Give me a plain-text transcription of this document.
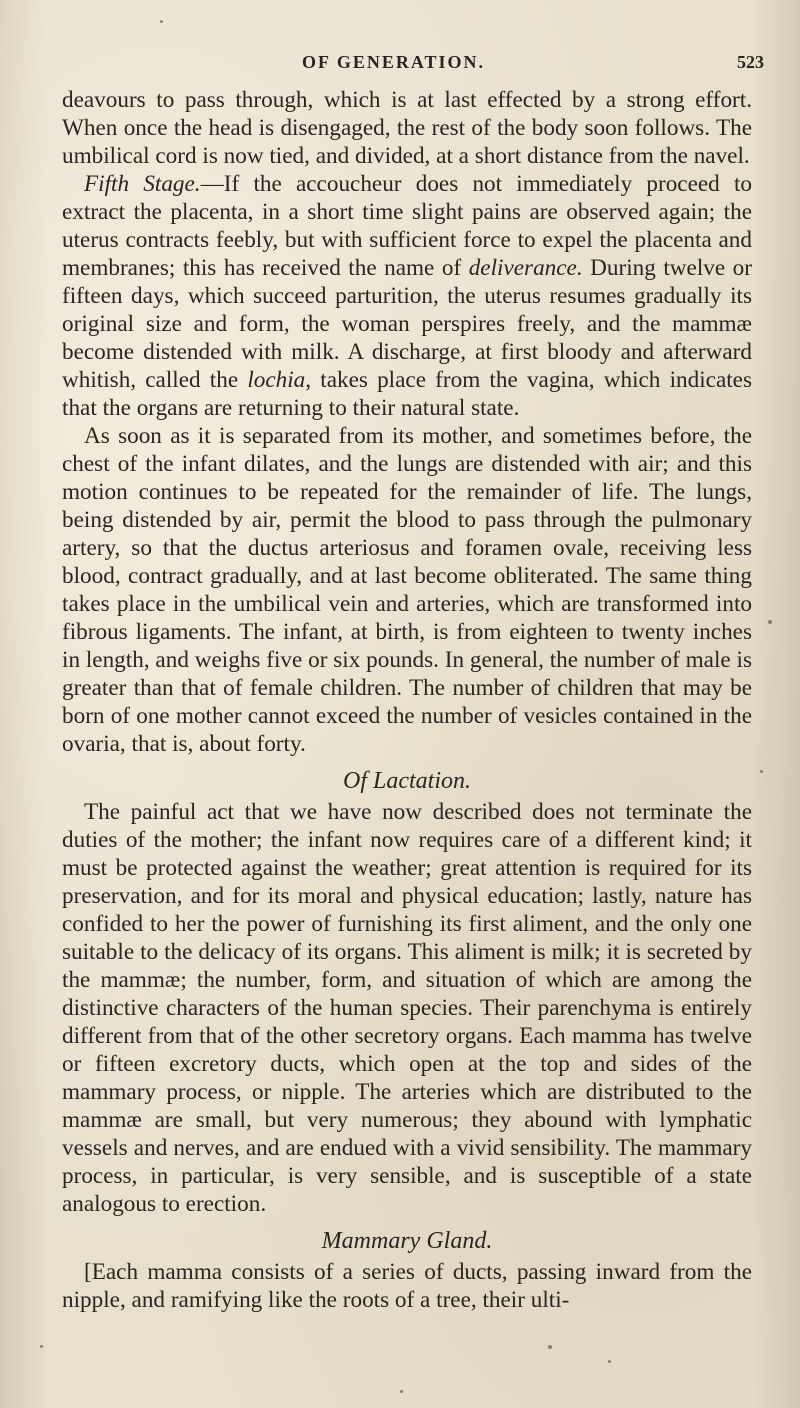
OF GENERATION.	523

deavours to pass through, which is at last effected by a strong effort. When once the head is disengaged, the rest of the body soon follows. The umbilical cord is now tied, and divided, at a short distance from the navel.

Fifth Stage.—If the accoucheur does not immediately proceed to extract the placenta, in a short time slight pains are observed again; the uterus contracts feebly, but with sufficient force to expel the placenta and membranes; this has received the name of deliverance. During twelve or fifteen days, which succeed parturition, the uterus resumes gradually its original size and form, the woman perspires freely, and the mammæ become distended with milk. A discharge, at first bloody and afterward whitish, called the lochia, takes place from the vagina, which indicates that the organs are returning to their natural state.

As soon as it is separated from its mother, and sometimes before, the chest of the infant dilates, and the lungs are distended with air; and this motion continues to be repeated for the remainder of life. The lungs, being distended by air, permit the blood to pass through the pulmonary artery, so that the ductus arteriosus and foramen ovale, receiving less blood, contract gradually, and at last become obliterated. The same thing takes place in the umbilical vein and arteries, which are transformed into fibrous ligaments. The infant, at birth, is from eighteen to twenty inches in length, and weighs five or six pounds. In general, the number of male is greater than that of female children. The number of children that may be born of one mother cannot exceed the number of vesicles contained in the ovaria, that is, about forty.

Of Lactation.

The painful act that we have now described does not terminate the duties of the mother; the infant now requires care of a different kind; it must be protected against the weather; great attention is required for its preservation, and for its moral and physical education; lastly, nature has confided to her the power of furnishing its first aliment, and the only one suitable to the delicacy of its organs. This aliment is milk; it is secreted by the mammæ; the number, form, and situation of which are among the distinctive characters of the human species. Their parenchyma is entirely different from that of the other secretory organs. Each mamma has twelve or fifteen excretory ducts, which open at the top and sides of the mammary process, or nipple. The arteries which are distributed to the mammæ are small, but very numerous; they abound with lymphatic vessels and nerves, and are endued with a vivid sensibility. The mammary process, in particular, is very sensible, and is susceptible of a state analogous to erection.

Mammary Gland.

[Each mamma consists of a series of ducts, passing inward from the nipple, and ramifying like the roots of a tree, their ulti-
